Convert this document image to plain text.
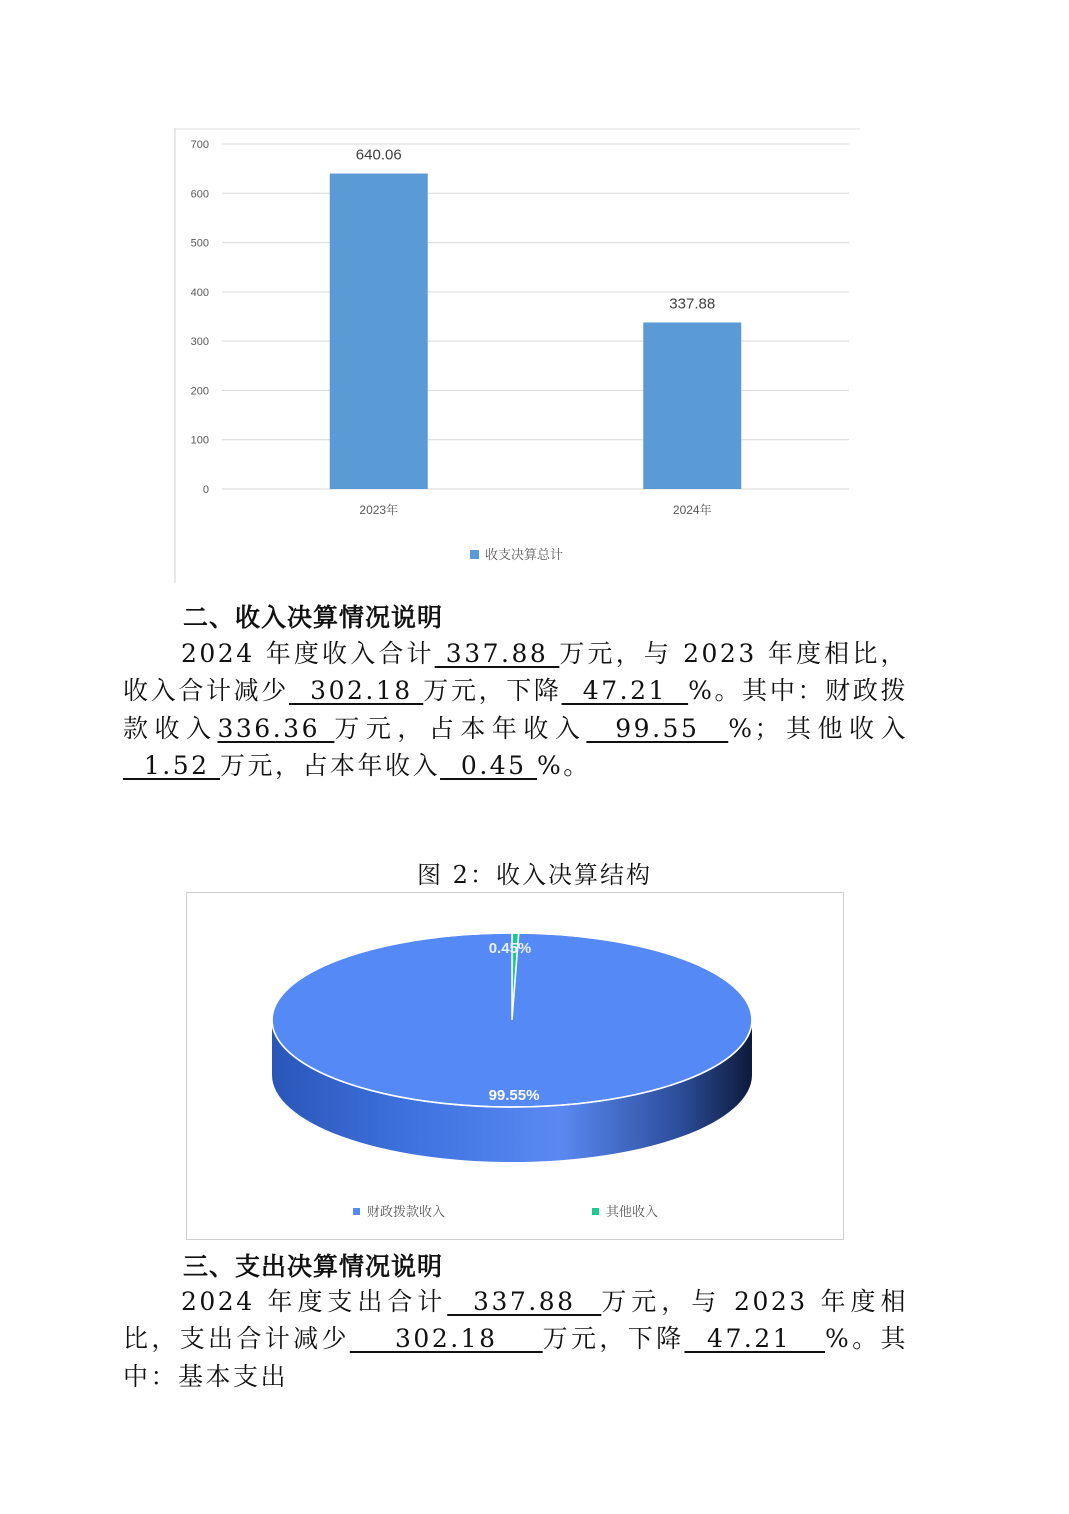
0
100
200
300
400
500
600
700
640.06
2023年
337.88
2024年
收支决算总计
二、收入决算情况说明

2024 年度收入合计 337.88 万元，与 2023 年度相比，收入合计减少  302.18 万元，下降  47.21  %。其中：财政拨款收入336.36 万元，占本年收入  99.55  %；其他收入  1.52 万元，占本年收入  0.45 %。

图 2：收入决算结构

0.45%
99.55%
财政拨款收入	其他收入
三、支出决算情况说明

2024 年度支出合计  337.88  万元，与 2023 年度相比，支出合计减少    302.18    万元，下降  47.21   %。其中：基本支出
